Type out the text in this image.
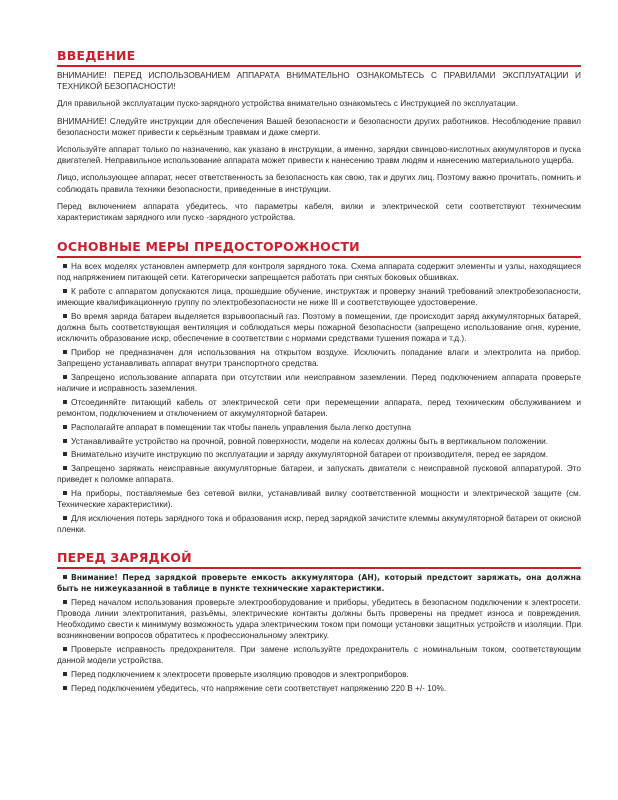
ВВЕДЕНИЕ

ВНИМАНИЕ! ПЕРЕД ИСПОЛЬЗОВАНИЕМ АППАРАТА ВНИМАТЕЛЬНО ОЗНАКОМЬТЕСЬ С ПРАВИЛАМИ ЭКСПЛУАТАЦИИ И ТЕХНИКОЙ БЕЗОПАСНОСТИ!

Для правильной эксплуатации пуско-зарядного устройства внимательно ознакомьтесь с Инструкцией по эксплуатации.

ВНИМАНИЕ! Следуйте инструкции для обеспечения Вашей безопасности и безопасности других работников. Несоблюдение правил безопасности может привести к серьёзным травмам и даже смерти.

Используйте аппарат только по назначению, как указано в инструкции, а именно, зарядки свинцово-кислотных аккумуляторов и пуска двигателей. Неправильное использование аппарата может привести к нанесению травм людям и нанесению материального ущерба.

Лицо, использующее аппарат, несет ответственность за безопасность как свою, так и других лиц. Поэтому важно прочитать, помнить и соблюдать правила техники безопасности, приведенные в инструкции.

Перед включением аппарата убедитесь, что параметры кабеля, вилки и электрической сети соответствуют техническим характеристикам зарядного или пуско -зарядного устройства.

ОСНОВНЫЕ МЕРЫ ПРЕДОСТОРОЖНОСТИ
На всех моделях установлен амперметр для контроля зарядного тока. Схема аппарата содержит элементы и узлы, находящиеся под напряжением питающей сети. Категорически запрещается работать при снятых боковых обшивках.
К работе с аппаратом допускаются лица, прошедшие обучение, инструктаж и проверку знаний требований электробезопасности, имеющие квалификационную группу по электробезопасности не ниже III и соответствующее удостоверение.
Во время заряда батареи выделяется взрывоопасный газ. Поэтому в помещении, где происходит заряд аккумуляторных батарей, должна быть соответствующая вентиляция и соблюдаться меры пожарной безопасности (запрещено использование огня, курение, исключить образование искр, обеспечение в соответствии с нормами средствами тушения пожара и т.д.).
Прибор не предназначен для использования на открытом воздухе. Исключить попадание влаги и электролита на прибор. Запрещено устанавливать аппарат внутри транспортного средства.
Запрещено использование аппарата при отсутствии или неисправном заземлении. Перед подключением аппарата проверьте наличие и исправность заземления.
Отсоединяйте питающий кабель от электрической сети при перемещении аппарата, перед техническим обслуживанием и ремонтом, подключением и отключением от аккумуляторной батареи.
Располагайте аппарат в помещении так чтобы панель управления была легко доступна
Устанавливайте устройство на прочной, ровной поверхности, модели на колесах должны быть в вертикальном положении.
Внимательно изучите инструкцию по эксплуатации и заряду аккумуляторной батареи от производителя, перед ее зарядом.
Запрещено заряжать неисправные аккумуляторные батареи, и запускать двигатели с неисправной пусковой аппаратурой. Это приведет к поломке аппарата.
На приборы, поставляемые без сетевой вилки, устанавливай вилку соответственной мощности и электрической защите (см. Технические характеристики).
Для исключения потерь зарядного тока и образования искр, перед зарядкой зачистите клеммы аккумуляторной батареи от окисной пленки.
ПЕРЕД ЗАРЯДКОЙ
Внимание! Перед зарядкой проверьте емкость аккумулятора (АН), который предстоит заряжать, она должна быть не нижеуказанной в таблице в пункте технические характеристики.
Перед началом использования проверьте электрооборудование и приборы, убедитесь в безопасном подключении к электросети. Провода линии электропитания, разъёмы, электрические контакты должны быть проверены на предмет износа и повреждения. Необходимо свести к минимуму возможность удара электрическим током при помощи установки защитных устройств и изоляции. При возникновении вопросов обратитесь к профессиональному электрику.
Проверьте исправность предохранителя. При замене используйте предохранитель с номинальным током, соответствующим данной модели устройства.
Перед подключением к электросети проверьте изоляцию проводов и электроприборов.
Перед подключением убедитесь, что напряжение сети соответствует напряжению 220 В +/- 10%.
